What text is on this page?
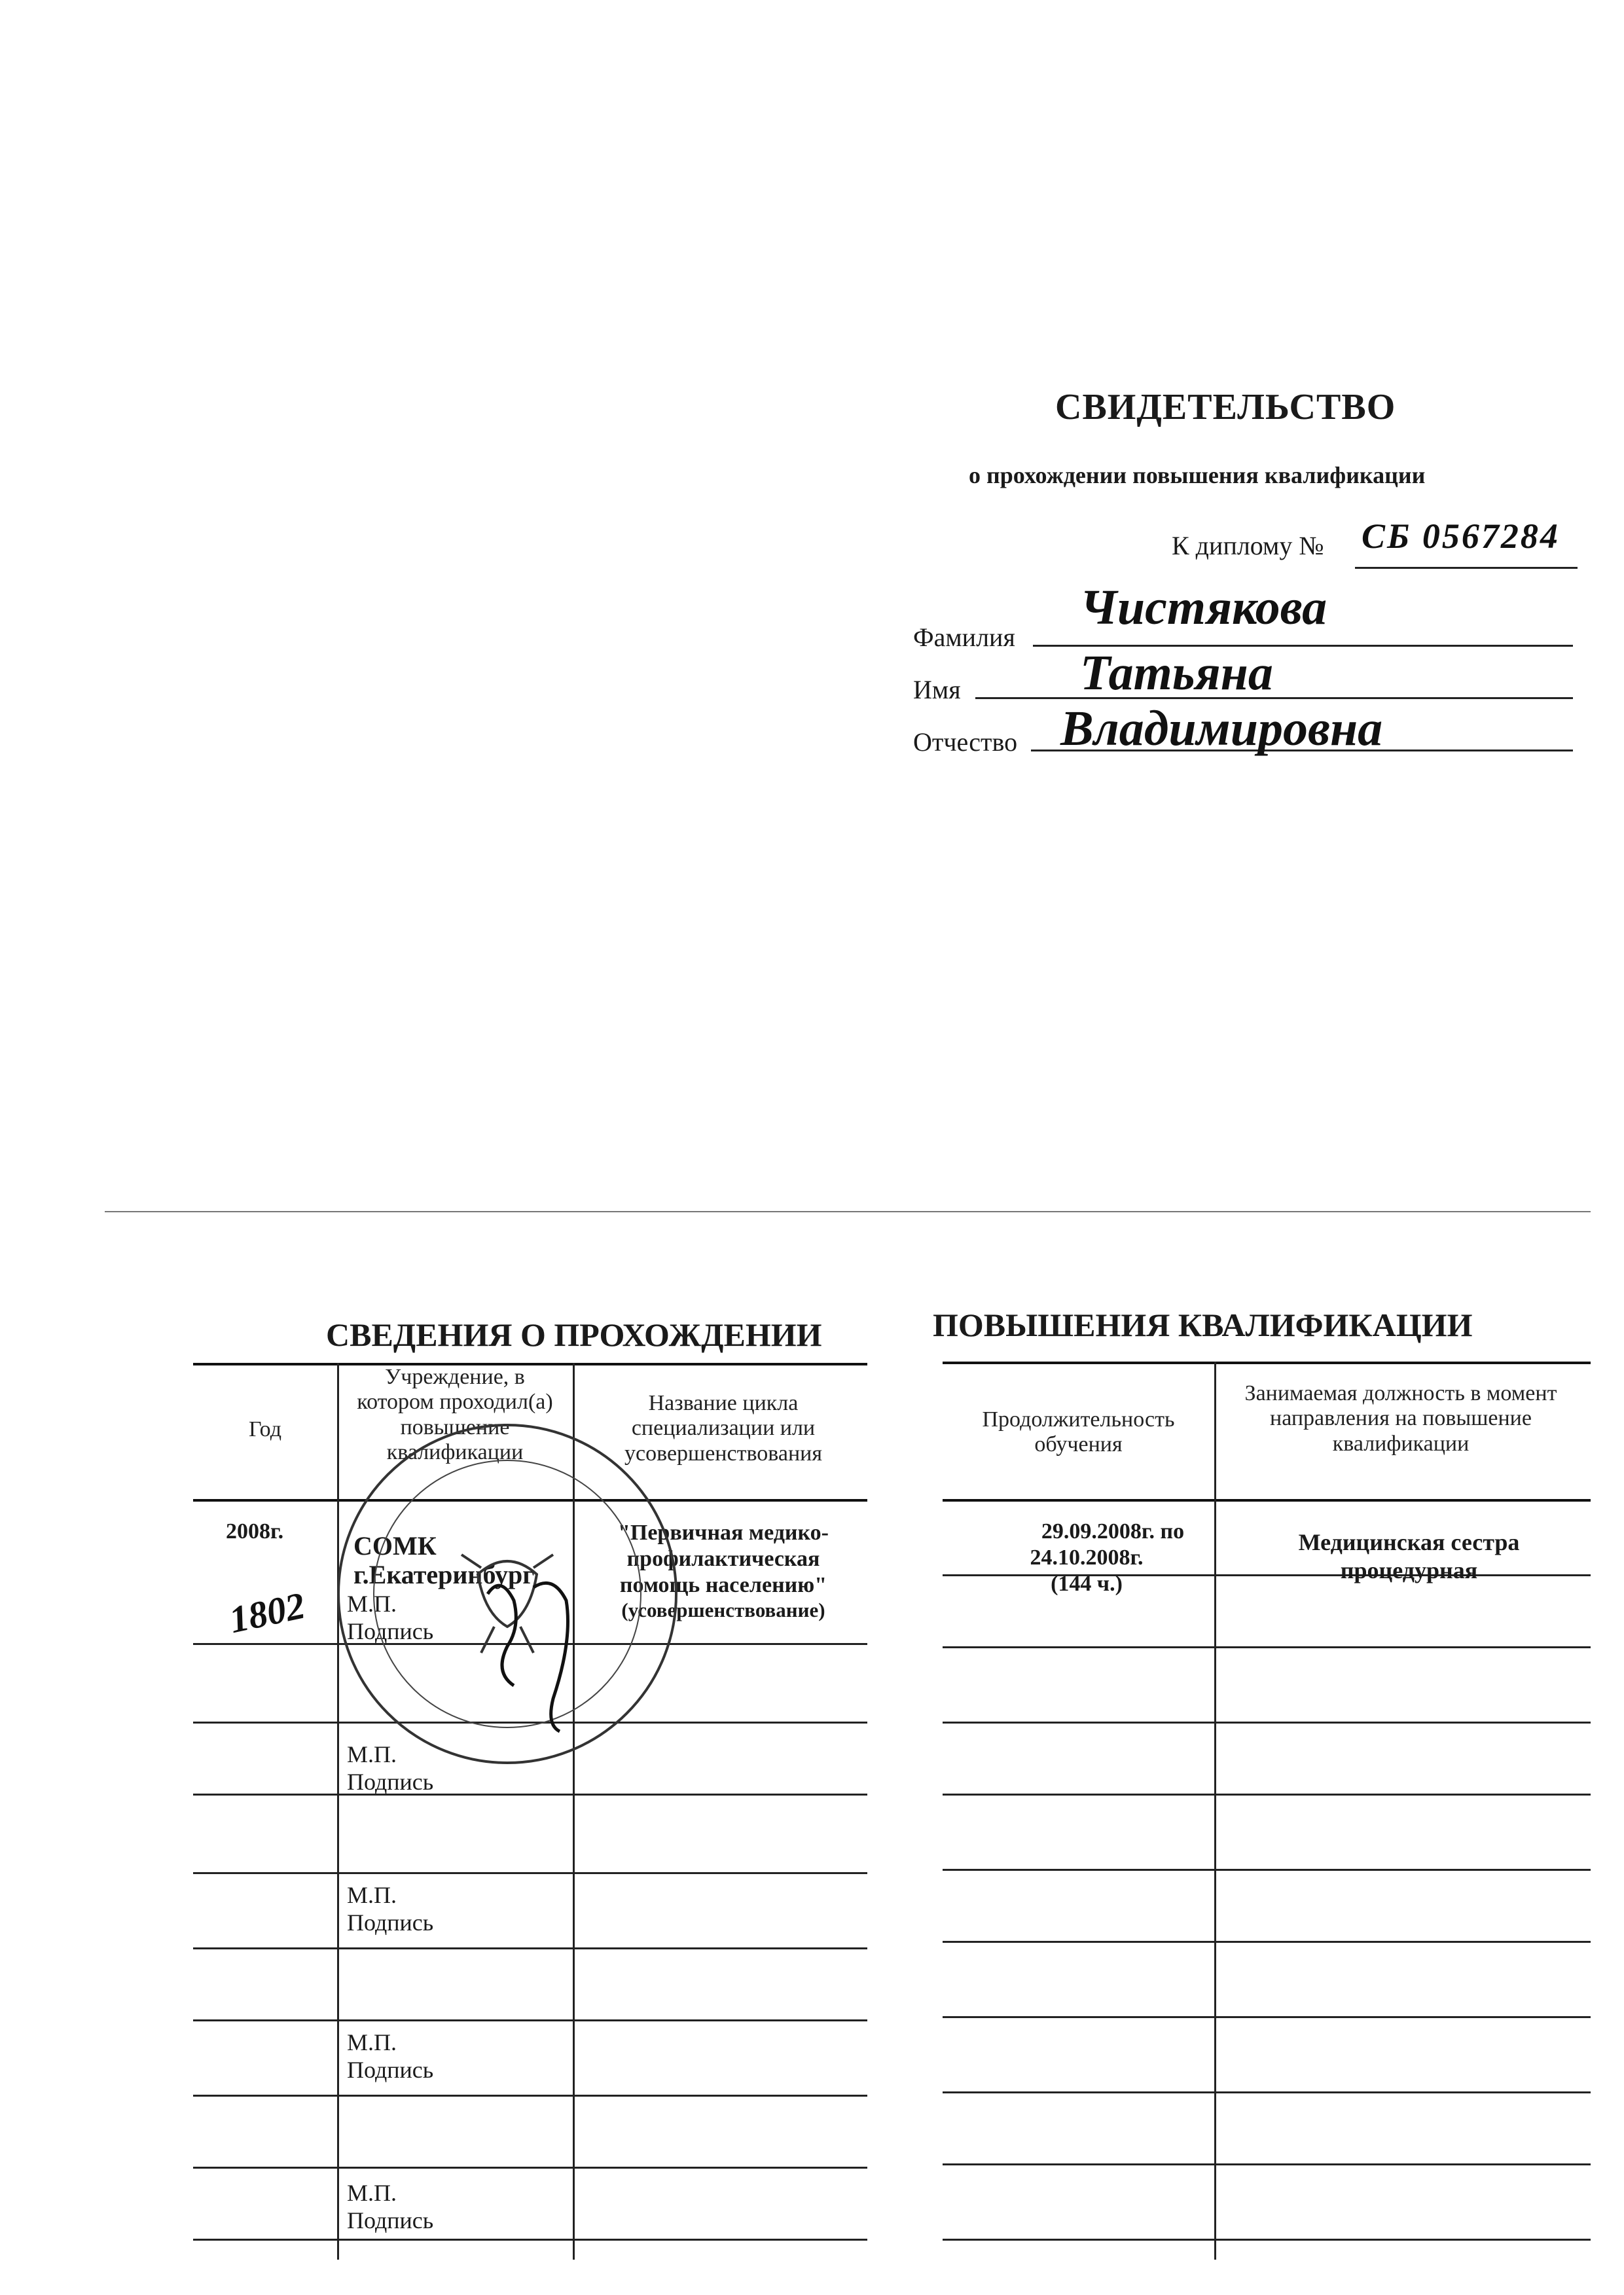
СВИДЕТЕЛЬСТВО
о прохождении повышения квалификации
К диплому № СБ 0567284
Фамилия
Чистякова
Имя Татьяна
Отчество Владимировна
СВЕДЕНИЯ О ПРОХОЖДЕНИИ	ПОВЫШЕНИЯ КВАЛИФИКАЦИИ
Год
Учреждение, в котором проходил(а) повышение квалификации
Название цикла специализации или усовершенствования
Продолжительность обучения
Занимаемая должность в момент направления на повышение квалификации
2008г.	СОМК г.Екатеринбург
М.П.
Подпись
"Первичная медико-
профилактическая
помощь населению"
(усовершенствование)
29.09.2008г. по
24.10.2008г.
(144 ч.)
Медицинская сестра
процедурная
М.П.
Подпись
М.П.
Подпись
М.П.
Подпись
М.П.
Подпись
1802
